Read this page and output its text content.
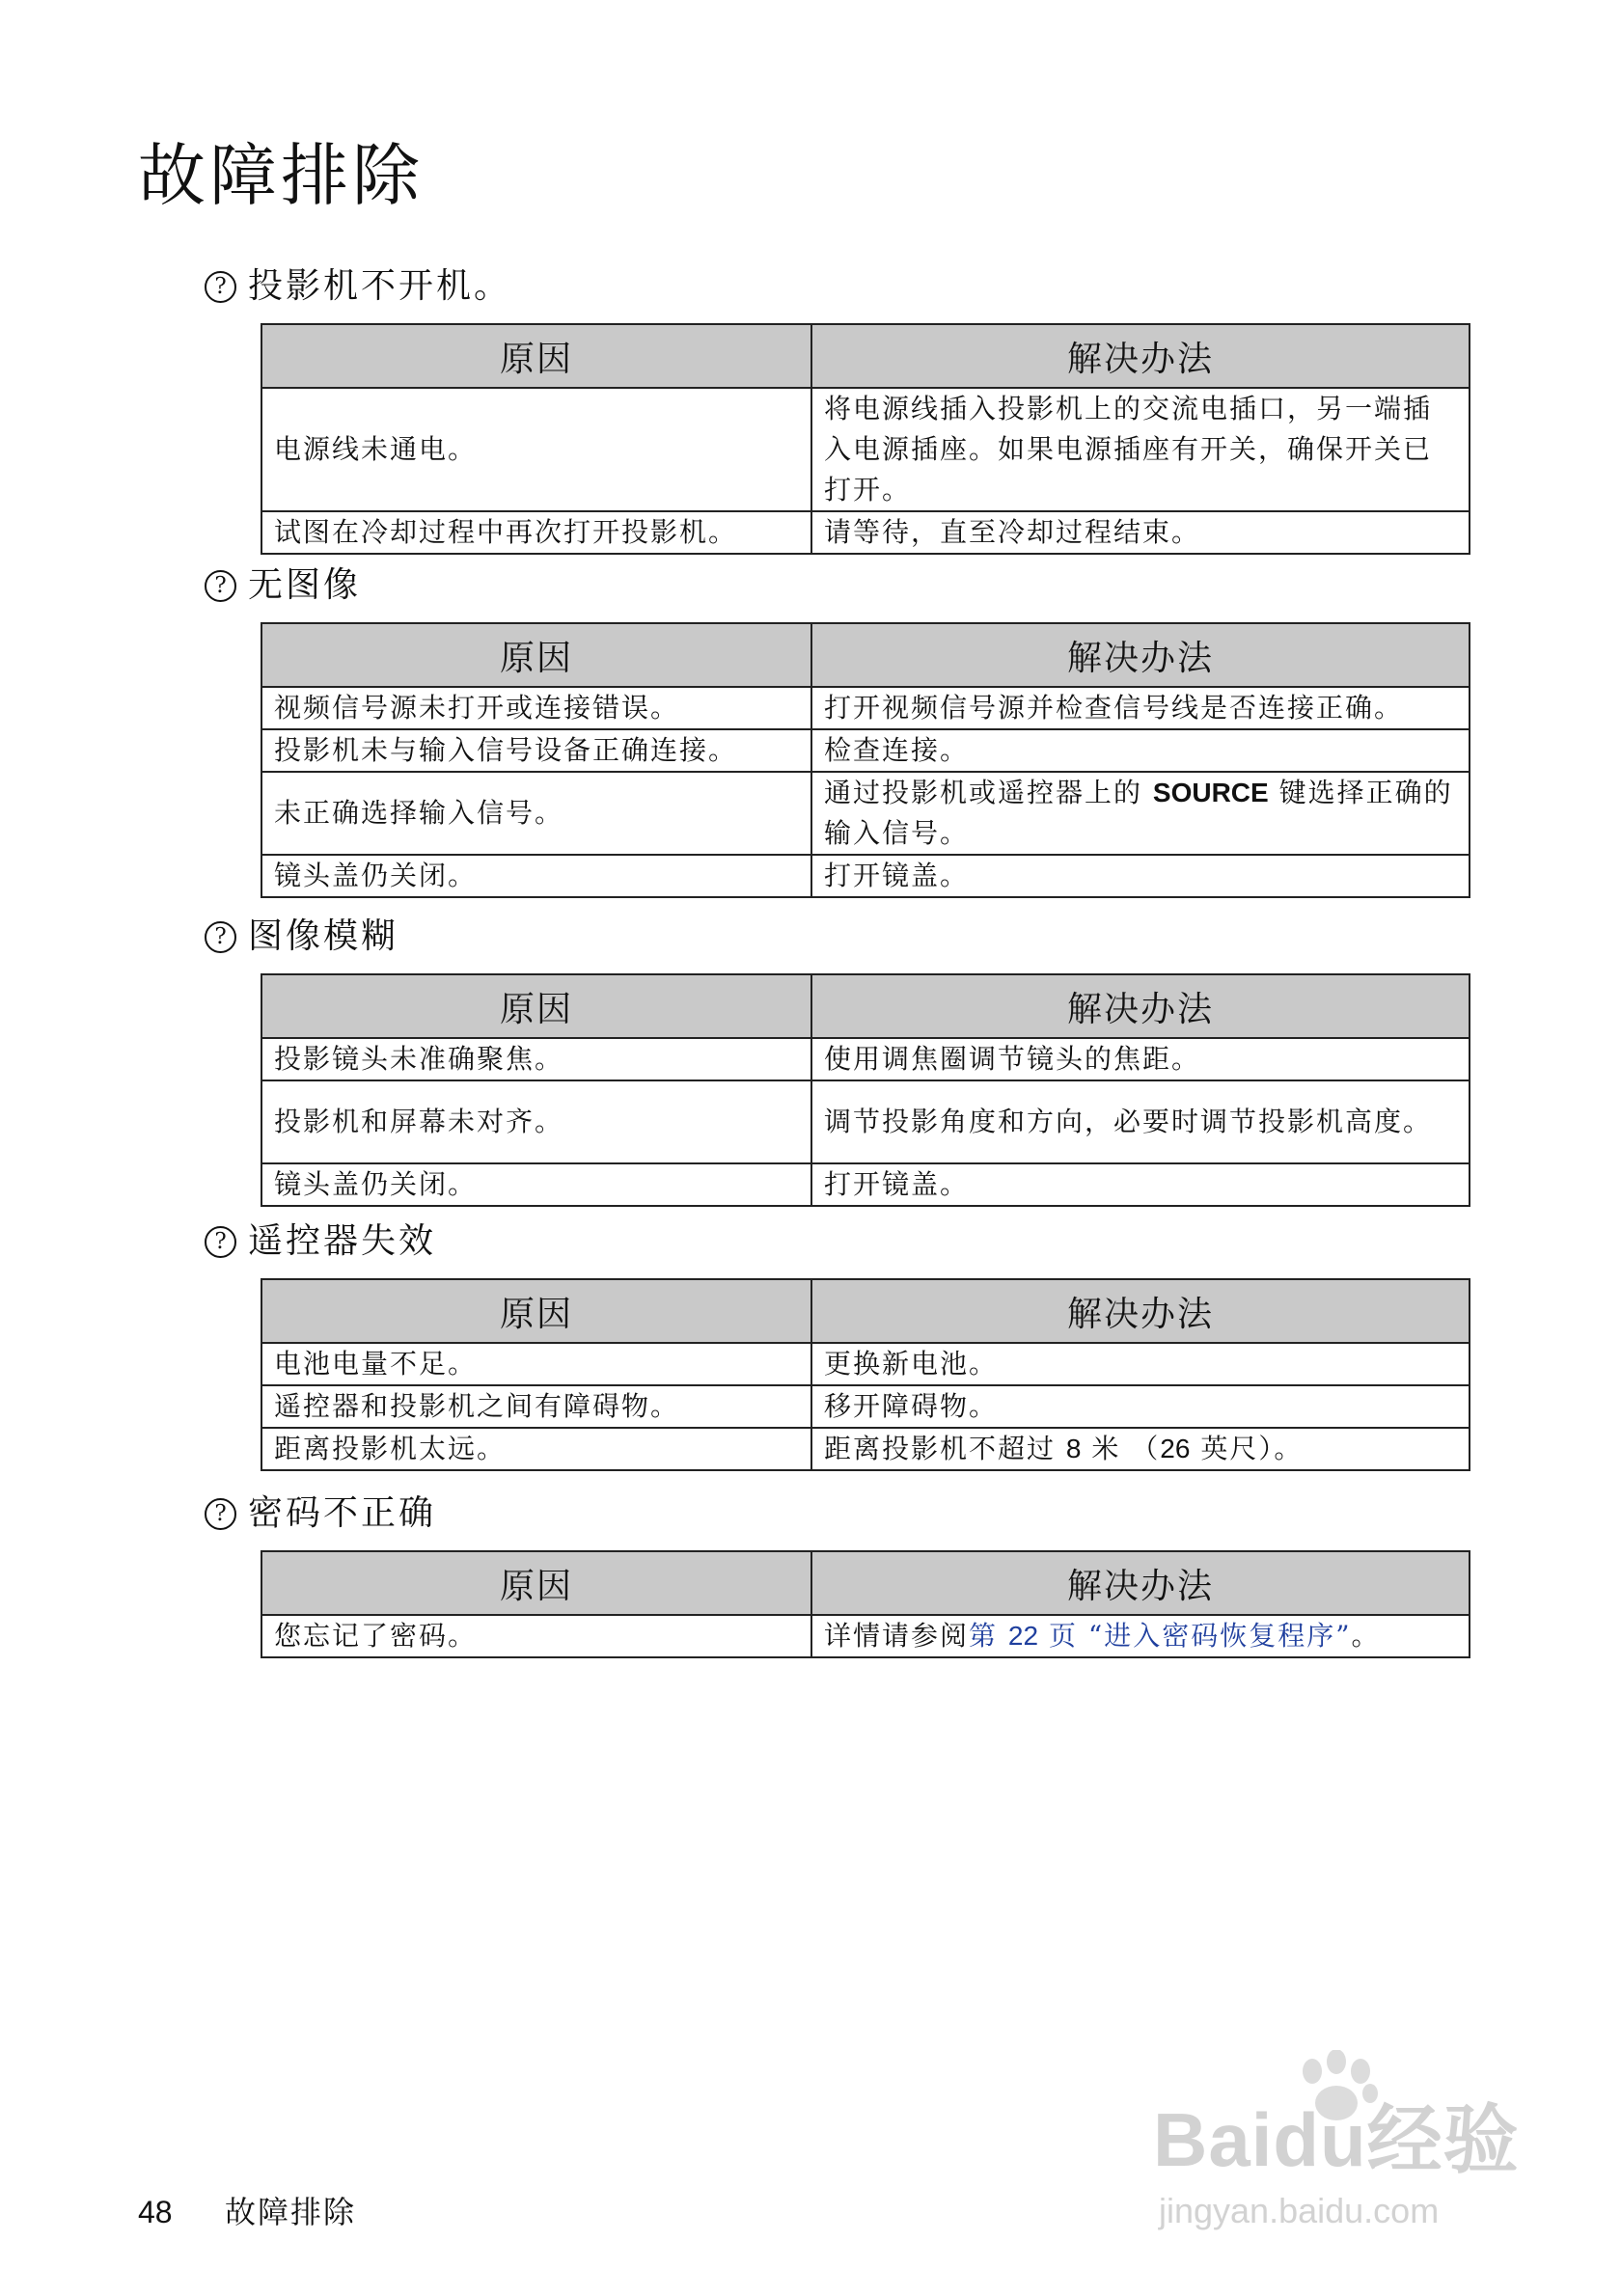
故障排除
? 投影机不开机。
原因	解决办法
电源线未通电。	将电源线插入投影机上的交流电插口，另一端插入电源插座。如果电源插座有开关，确保开关已打开。
试图在冷却过程中再次打开投影机。	请等待，直至冷却过程结束。
? 无图像
原因	解决办法
视频信号源未打开或连接错误。	打开视频信号源并检查信号线是否连接正确。
投影机未与输入信号设备正确连接。	检查连接。
未正确选择输入信号。	通过投影机或遥控器上的 SOURCE 键选择正确的输入信号。
镜头盖仍关闭。	打开镜盖。
? 图像模糊
原因	解决办法
投影镜头未准确聚焦。	使用调焦圈调节镜头的焦距。
投影机和屏幕未对齐。	调节投影角度和方向，必要时调节投影机高度。
镜头盖仍关闭。	打开镜盖。
? 遥控器失效
原因	解决办法
电池电量不足。	更换新电池。
遥控器和投影机之间有障碍物。	移开障碍物。
距离投影机太远。	距离投影机不超过 8 米 （26 英尺）。
? 密码不正确
原因	解决办法
您忘记了密码。	详情请参阅第 22 页 “进入密码恢复程序”。
48 故障排除
Baidu经验
jingyan.baidu.com
